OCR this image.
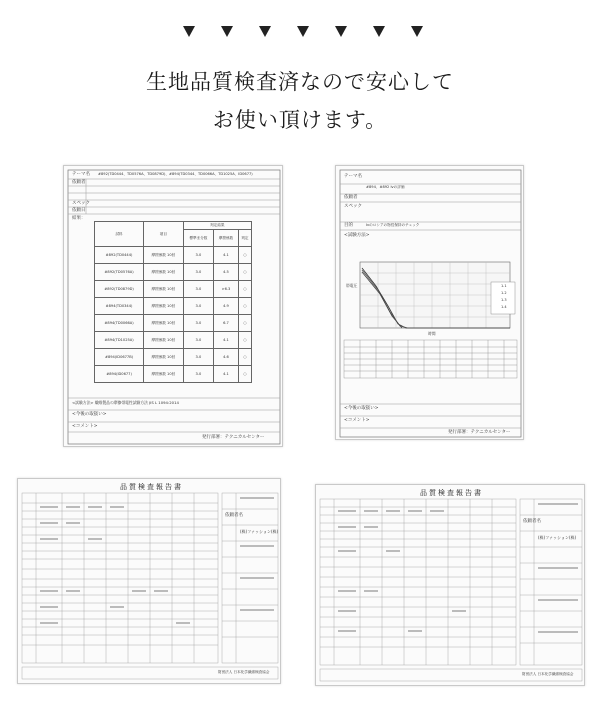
生地品質検査済なので安心して
お使い頂けます。
テーマ名 #892(TD0444、TD0576A、TD0879D)、#894(TD0344、TD0066A、TD1025A、ID0677)
依頼者
スペック
依頼日
結果：
試料	項目	判定結果		
		標準ま分数	摩擦係数	判定
#892(TD0444)	摩擦係数 10回	3.0	4.1	○
#892(TD0576A)	摩擦係数 10回	3.0	4.5	○
#892(TD0879D)	摩擦係数 10回	3.0	>6.3	○
#894(TD0344)	摩擦係数 10回	3.0	4.9	○
#894(TD0066A)	摩擦係数 10回	3.0	6.7	○
#894(TD1025A)	摩擦係数 10回	3.0	4.1	○
#894(ID0677B)	摩擦係数 10回	3.0	4.6	○
#894(ID0677)	摩擦係数 10回	3.0	4.1	○
<試験方法> 繊維製品の摩擦帯電性試験方法 JIS L 1094:2014
<今後の取扱い>
<コメント>
発行部署：テクニカルセンター
テーマ名
#894、#892 Ivの評価
依頼者
スペック
目的	Ivのロシアの物性保持のチェック
<試験方法>
帯電圧
時間
1.1
1.2
1.3
1.4
<今後の取扱い>
<コメント>
発行部署：テクニカルセンター
品質検査報告書
依頼者名
(株)ファッション(株)
財団法人 日本化学繊維検査協会
品質検査報告書
依頼者名
(株)ファッション(株)
財団法人 日本化学繊維検査協会
